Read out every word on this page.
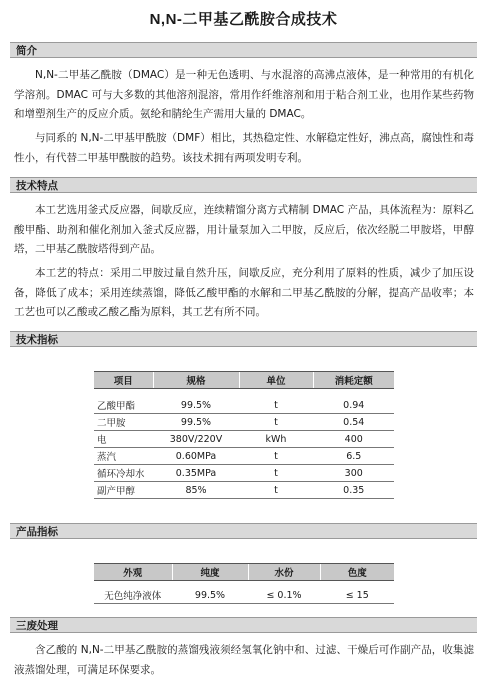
N,N-二甲基乙酰胺合成技术
简介

N,N-二甲基乙酰胺（DMAC）是一种无色透明、与水混溶的高沸点液体，是一种常用的有机化学溶剂。DMAC 可与大多数的其他溶剂混溶，常用作纤维溶剂和用于粘合剂工业，也用作某些药物和增塑剂生产的反应介质。氨纶和腈纶生产需用大量的 DMAC。

与同系的 N,N-二甲基甲酰胺（DMF）相比，其热稳定性、水解稳定性好，沸点高，腐蚀性和毒性小，有代替二甲基甲酰胺的趋势。该技术拥有两项发明专利。

技术特点

本工艺选用釜式反应器，间歇反应，连续精馏分离方式精制 DMAC 产品，具体流程为：原料乙酸甲酯、助剂和催化剂加入釜式反应器，用计量泵加入二甲胺，反应后，依次经脱二甲胺塔，甲醇塔，二甲基乙酰胺塔得到产品。

本工艺的特点：采用二甲胺过量自然升压，间歇反应，充分利用了原料的性质，减少了加压设备，降低了成本；采用连续蒸馏，降低乙酸甲酯的水解和二甲基乙酰胺的分解，提高产品收率；本工艺也可以乙酸或乙酸乙酯为原料，其工艺有所不同。

技术指标
项目	规格	单位	消耗定额

乙酸甲酯	99.5%	t	0.94
二甲胺	99.5%	t	0.54
电	380V/220V	kWh	400
蒸汽	0.60MPa	t	6.5
循环冷却水	0.35MPa	t	300
副产甲醇	85%	t	0.35
产品指标
外观	纯度	水份	色度

无色纯净液体	99.5%	≤ 0.1%	≤ 15
三废处理

含乙酸的 N,N-二甲基乙酰胺的蒸馏残液须经氢氧化钠中和、过滤、干燥后可作副产品，收集滤液蒸馏处理，可满足环保要求。
